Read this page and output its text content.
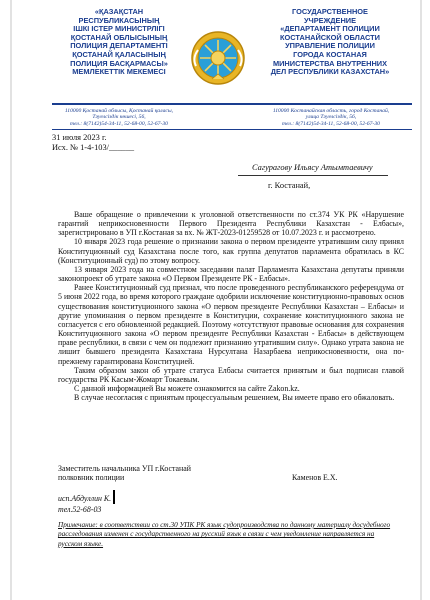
«ҚАЗАҚСТАН
РЕСПУБЛИКАСЫНЫҢ
ІШКІ ІСТЕР МИНИСТРЛІГІ
ҚОСТАНАЙ ОБЛЫСЫНЫҢ
ПОЛИЦИЯ ДЕПАРТАМЕНТІ
ҚОСТАНАЙ ҚАЛАСЫНЫҢ
ПОЛИЦИЯ БАСҚАРМАСЫ»
МЕМЛЕКЕТТІК МЕКЕМЕСІ
ГОСУДАРСТВЕННОЕ
УЧРЕЖДЕНИЕ
«ДЕПАРТАМЕНТ ПОЛИЦИИ
КОСТАНАЙСКОЙ ОБЛАСТИ
УПРАВЛЕНИЕ ПОЛИЦИИ
ГОРОДА КОСТАНАЯ
МИНИСТЕРСТВА ВНУТРЕННИХ
ДЕЛ РЕСПУБЛИКИ КАЗАХСТАН»
110000 Қостанай облысы, Қостанай қаласы,
Тәуелсіздік көшесі, 56,
тел.: 8(7142)54-34-11, 52-68-00, 52-67-30
110000 Костанайская область, город Костанай,
улица Тәуелсіздік, 56,
тел.: 8(7142)54-34-11, 52-68-00, 52-67-30
31 июля 2023 г.
Исх. № 1-4-103/______
Сагурагову Ильясу Атымтаевичу
г. Костанай,

Ваше обращение о привлечении к уголовной ответственности по ст.374 УК РК «Нарушение гарантий неприкосновенности Первого Президента Республики Казахстан - Елбасы», зарегистрировано в УП г.Костаная за вх. № ЖТ-2023-01259528 от 10.07.2023 г. и рассмотрено.

10 января 2023 года решение о признании закона о первом президенте утратившим силу принял Конституционный суд Казахстана после того, как группа депутатов парламента обратилась в КС (Конституционный суд) по этому вопросу.

13 января 2023 года на совместном заседании палат Парламента Казахстана депутаты приняли законопроект об утрате закона «О Первом Президенте РК - Елбасы».

Ранее Конституционный суд признал, что после проведенного республиканского референдума от 5 июня 2022 года, во время которого граждане одобрили исключение конституционно-правовых основ существования конституционного закона «О первом президенте Республики Казахстан – Елбасы» и другие упоминания о первом президенте в Конституции, сохранение конституционного закона не согласуется с его обновленной редакцией. Поэтому «отсутствуют правовые основания для сохранения Конституционного закона «О первом президенте Республики Казахстан - Елбасы» в действующем праве республики, в связи с чем он подлежит признанию утратившим силу». Однако утрата закона не лишит бывшего президента Казахстана Нурсултана Назарбаева неприкосновенности, она по-прежнему гарантирована Конституцией.

Таким образом закон об утрате статуса Елбасы считается принятым и был подписан главой государства РК Касым-Жомарт Токаевым.

С данной информацией Вы можете ознакомится на сайте Zakon.kz.

В случае несогласия с принятым процессуальным решением, Вы имеете право его обжаловать.

Заместитель начальника УП г.Костанай
полковник полиции	Каменов Е.Х.
исп.Абдуллин К.
тел.52-68-03
Примечание: в соответствии со ст.30 УПК РК язык судопроизводства по данному материалу досудебного расследования изменен с государственного на русский язык в связи с чем уведомление направляется на русском языке.
